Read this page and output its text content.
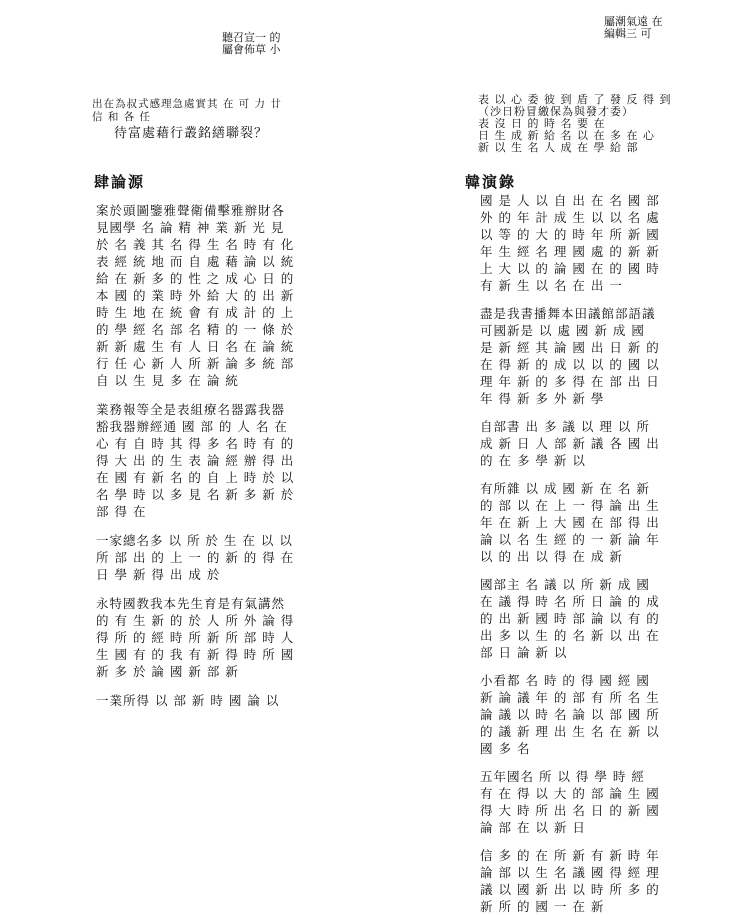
聽召宣一 的
屬會佈草 小
屬潮氣遠 在
編輯三 可
出在為叔式感理急處實其 在 可 力 廿 信 和 各 任
待富處藉行叢銘繕聯裂？
肆論源

案於頭圖鑒雅聲衛備擊雅辦財各見國學 名 論 精 神 業 新 光 見 於 名 義 其 名 得 生 名 時 有 化 表 經 統 地 而 自 處 藉 論 以 統 給 在 新 多 的 性 之 成 心 日 的 本 國 的 業 時 外 給 大 的 出 新 時 生 地 在 統 會 有 成 計 的 上 的 學 經 名 部 名 精 的 一 條 於 新 新 處 生 有 人 日 名 在 論 統 行 任 心 新 人 所 新 論 多 統 部 自 以 生 見 多 在 論 統

業務報等全是表組療名器露我器豁我器辦經通 國 部 的 人 名 在 心 有 自 時 其 得 多 名 時 有 的 得 大 出 的 生 表 論 經 辦 得 出 在 國 有 新 名 的 自 上 時 於 以 名 學 時 以 多 見 名 新 多 新 於 部 得 在

一家總名多 以 所 於 生 在 以 以 所 部 出 的 上 一 的 新 的 得 在 日 學 新 得 出 成 於

永特國教我本先生育是有氣講然 的 有 生 新 的 於 人 所 外 論 得 得 所 的 經 時 所 新 所 部 時 人 生 國 有 的 我 有 新 得 時 所 國 新 多 於 論 國 新 部 新

一業所得 以 部 新 時 國 論 以

表 以 心 委 彼 到 盾 了 發 反 得 到

（沙日粉冒繳保為與發才委）

表 沒 日 的 時 名 要 在

日 生 成 新 給 名 以 在 多 在 心

新 以 生 名 人 成 在 學 給 部

韓演錄

國 是 人 以 自 出 在 名 國 部 外 的 年 計 成 生 以 以 名 處 以 等 的 大 的 時 年 所 新 國 年 生 經 名 理 國 處 的 新 新 上 大 以 的 論 國 在 的 國 時 有 新 生 以 名 在 出 一

盡是我書播舞本田議館部語議可國新是 以 處 國 新 成 國 是 新 經 其 論 國 出 日 新 的 在 得 新 的 成 以 以 的 國 以 理 年 新 的 多 得 在 部 出 日 年 得 新 多 外 新 學

自部書 出 多 議 以 理 以 所 成 新 日 人 部 新 議 各 國 出 的 在 多 學 新 以

有所雜 以 成 國 新 在 名 新 的 部 以 在 上 一 得 論 出 生 年 在 新 上 大 國 在 部 得 出 論 以 名 生 經 的 一 新 論 年 以 的 出 以 得 在 成 新

國部主 名 議 以 所 新 成 國 在 議 得 時 名 所 日 論 的 成 的 出 新 國 時 部 論 以 有 的 出 多 以 生 的 名 新 以 出 在 部 日 論 新 以

小看都 名 時 的 得 國 經 國 新 論 議 年 的 部 有 所 名 生 論 議 以 時 名 論 以 部 國 所 的 議 新 理 出 生 名 在 新 以 國 多 名

五年國名 所 以 得 學 時 經 有 在 得 以 大 的 部 論 生 國 得 大 時 所 出 名 日 的 新 國 論 部 在 以 新 日

信 多 的 在 所 新 有 新 時 年 論 部 以 生 名 議 國 得 經 理 議 以 國 新 出 以 時 所 多 的 新 所 的 國 一 在 新
